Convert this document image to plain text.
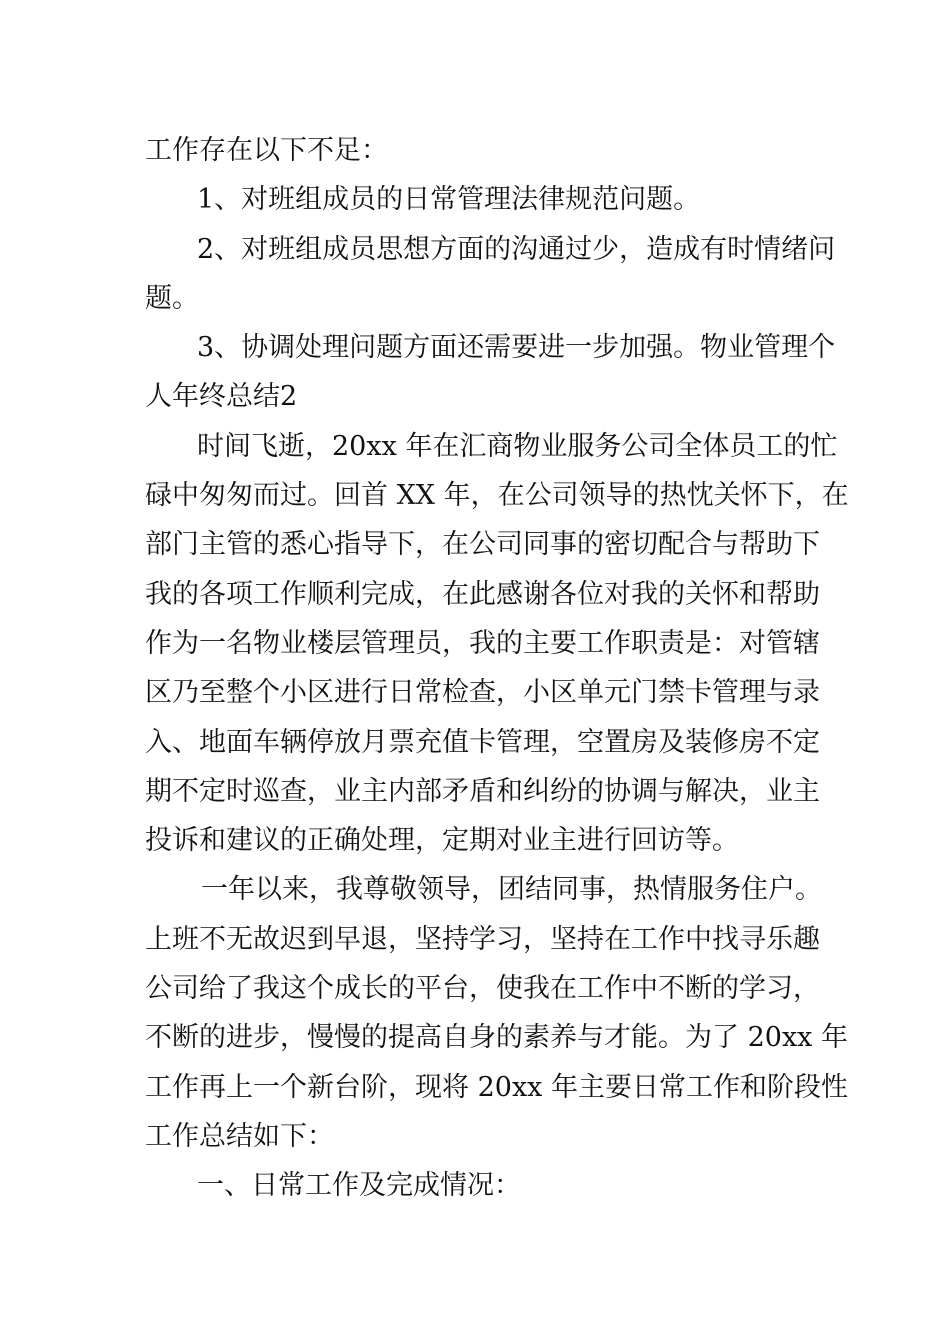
工作存在以下不足：
1、对班组成员的日常管理法律规范问题。
2、对班组成员思想方面的沟通过少，造成有时情绪问
题。
3、协调处理问题方面还需要进一步加强。物业管理个
人年终总结2
时间飞逝，20xx 年在汇商物业服务公司全体员工的忙
碌中匆匆而过。回首 XX 年，在公司领导的热忱关怀下，在
部门主管的悉心指导下，在公司同事的密切配合与帮助下
我的各项工作顺利完成，在此感谢各位对我的关怀和帮助
作为一名物业楼层管理员，我的主要工作职责是：对管辖
区乃至整个小区进行日常检查，小区单元门禁卡管理与录
入、地面车辆停放月票充值卡管理，空置房及装修房不定
期不定时巡查，业主内部矛盾和纠纷的协调与解决，业主
投诉和建议的正确处理，定期对业主进行回访等。
一年以来，我尊敬领导，团结同事，热情服务住户。
上班不无故迟到早退，坚持学习，坚持在工作中找寻乐趣
公司给了我这个成长的平台，使我在工作中不断的学习，
不断的进步，慢慢的提高自身的素养与才能。为了 20xx 年
工作再上一个新台阶，现将 20xx 年主要日常工作和阶段性
工作总结如下：
一、日常工作及完成情况：
